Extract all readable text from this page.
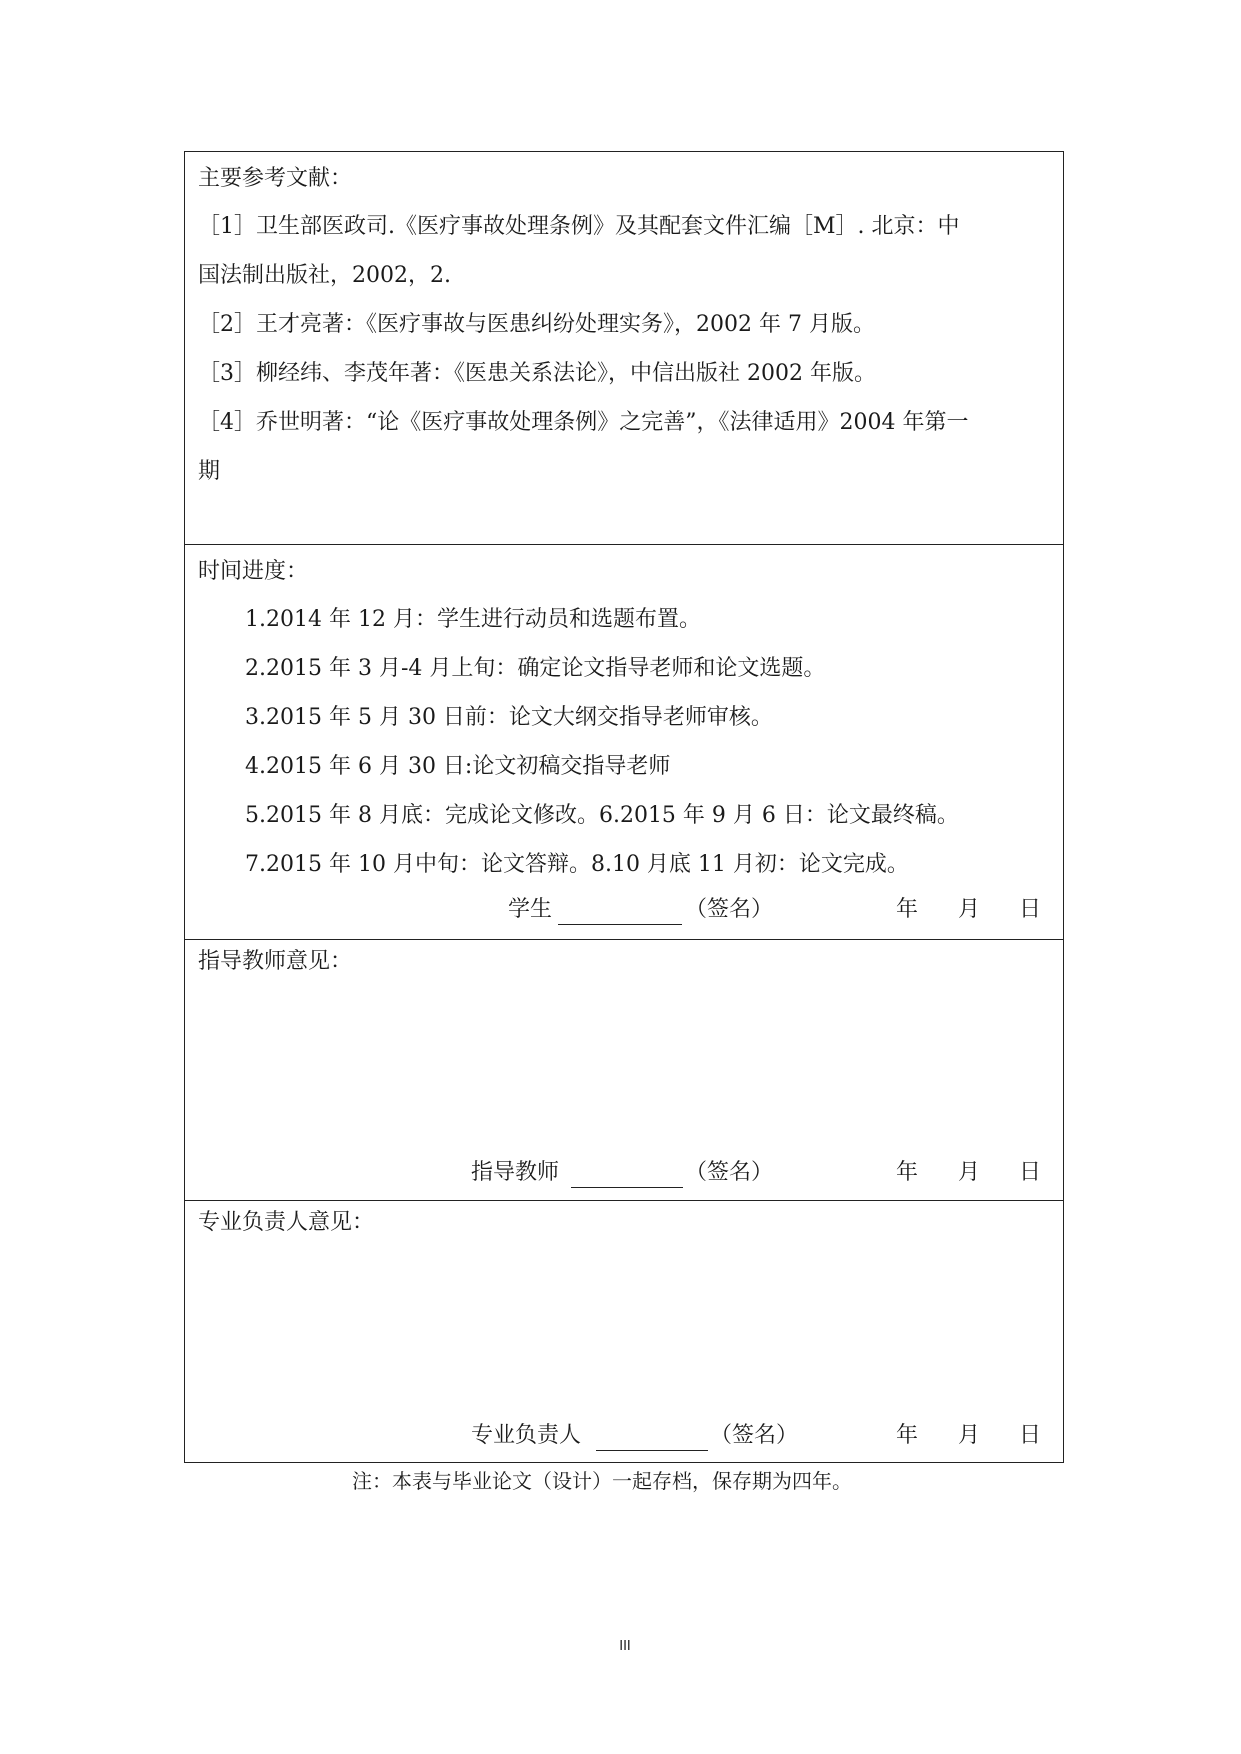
主要参考文献：
［1］卫生部医政司.《医疗事故处理条例》及其配套文件汇编［M］. 北京：中
国法制出版社，2002，2.
［2］王才亮著：《医疗事故与医患纠纷处理实务》，2002 年 7 月版。
［3］柳经纬、李茂年著：《医患关系法论》，中信出版社 2002 年版。
［4］乔世明著：“论《医疗事故处理条例》之完善”，《法律适用》2004 年第一
期
时间进度：
1.2014 年 12 月：学生进行动员和选题布置。
2.2015 年 3 月-4 月上旬：确定论文指导老师和论文选题。
3.2015 年 5 月 30 日前：论文大纲交指导老师审核。
4.2015 年 6 月 30 日:论文初稿交指导老师
5.2015 年 8 月底：完成论文修改。6.2015 年 9 月 6 日：论文最终稿。
7.2015 年 10 月中旬：论文答辩。8.10 月底 11 月初：论文完成。
学生	（签名）	年 月 日
指导教师意见：
指导教师	（签名）	年 月 日
专业负责人意见：
专业负责人	（签名）	年 月 日
注：本表与毕业论文（设计）一起存档，保存期为四年。
III
